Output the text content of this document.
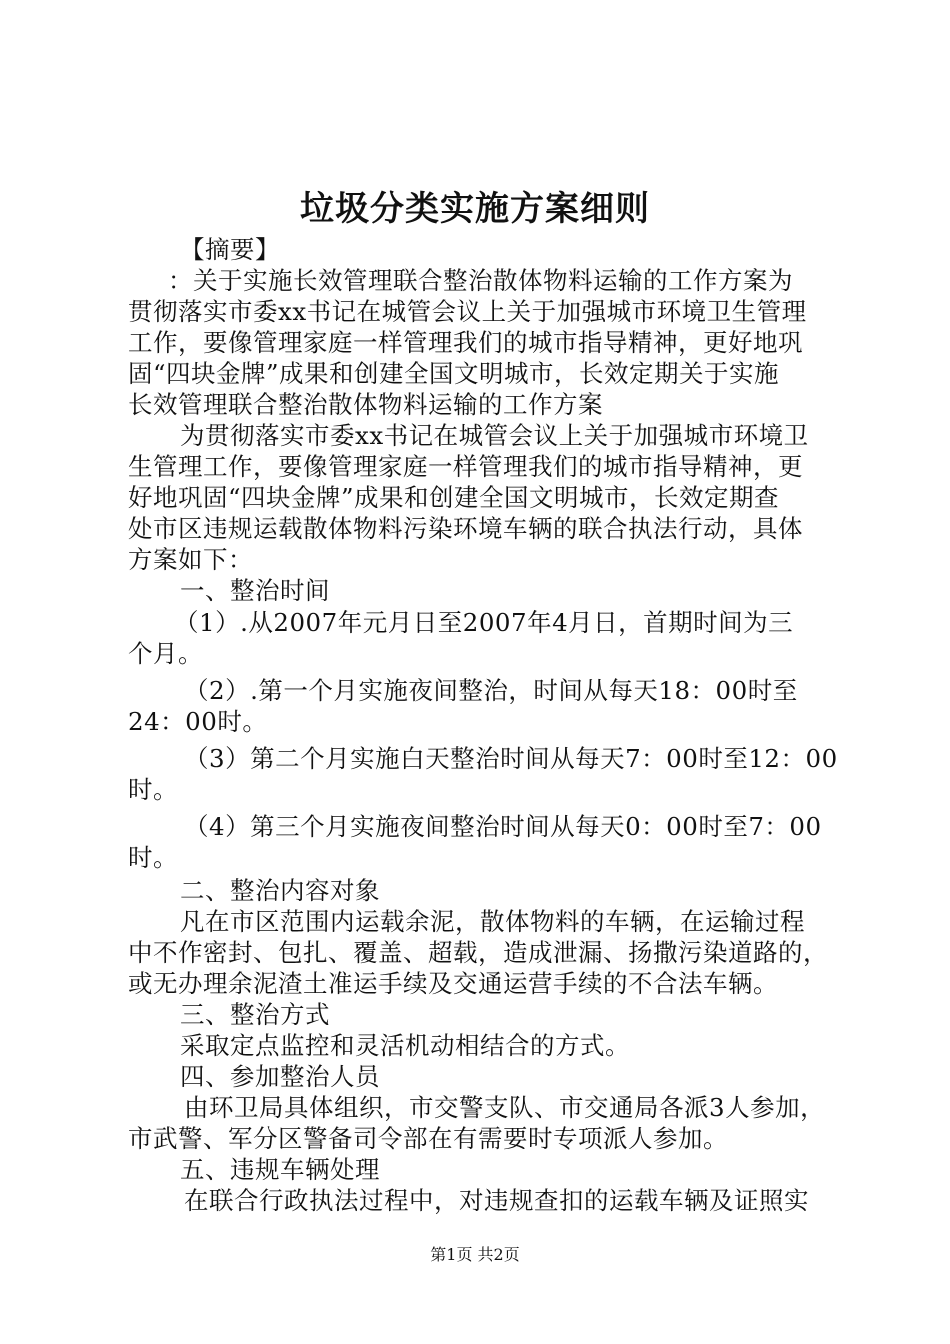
垃圾分类实施方案细则
【摘要】
：关于实施长效管理联合整治散体物料运输的工作方案为
贯彻落实市委xx书记在城管会议上关于加强城市环境卫生管理
工作，要像管理家庭一样管理我们的城市指导精神，更好地巩
固“四块金牌”成果和创建全国文明城市，长效定期关于实施
长效管理联合整治散体物料运输的工作方案
为贯彻落实市委xx书记在城管会议上关于加强城市环境卫
生管理工作，要像管理家庭一样管理我们的城市指导精神，更
好地巩固“四块金牌”成果和创建全国文明城市，长效定期查
处市区违规运载散体物料污染环境车辆的联合执法行动，具体
方案如下：
一、整治时间
（1）.从2007年元月日至2007年4月日，首期时间为三
个月。
（2）.第一个月实施夜间整治，时间从每天18：00时至
24：00时。
（3）第二个月实施白天整治时间从每天7：00时至12：00
时。
（4）第三个月实施夜间整治时间从每天0：00时至7：00
时。
二、整治内容对象
凡在市区范围内运载余泥，散体物料的车辆，在运输过程
中不作密封、包扎、覆盖、超载，造成泄漏、扬撒污染道路的，
或无办理余泥渣土准运手续及交通运营手续的不合法车辆。
三、整治方式
采取定点监控和灵活机动相结合的方式。
四、参加整治人员
由环卫局具体组织，市交警支队、市交通局各派3人参加，
市武警、军分区警备司令部在有需要时专项派人参加。
五、违规车辆处理
在联合行政执法过程中，对违规查扣的运载车辆及证照实
第1页 共2页
